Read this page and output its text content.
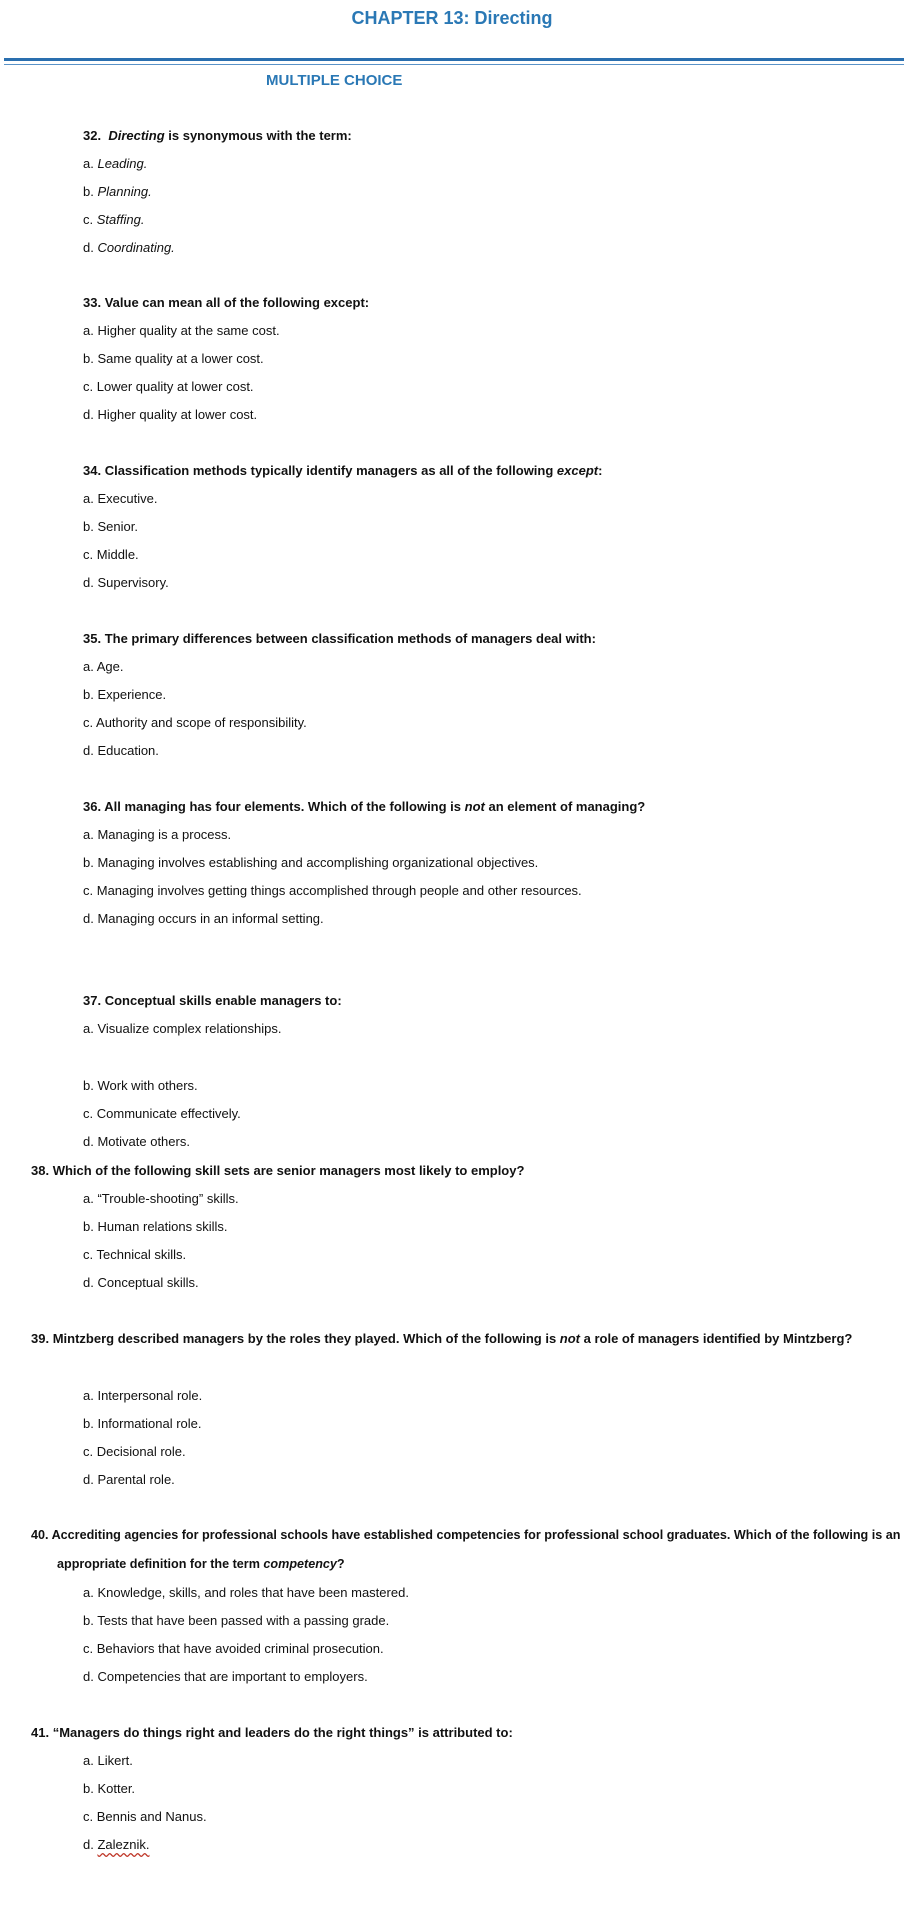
CHAPTER 13: Directing
MULTIPLE CHOICE
32. Directing is synonymous with the term:
a. Leading.
b. Planning.
c. Staffing.
d. Coordinating.
33. Value can mean all of the following except:
a. Higher quality at the same cost.
b. Same quality at a lower cost.
c. Lower quality at lower cost.
d. Higher quality at lower cost.
34. Classification methods typically identify managers as all of the following except:
a. Executive.
b. Senior.
c. Middle.
d. Supervisory.
35. The primary differences between classification methods of managers deal with:
a. Age.
b. Experience.
c. Authority and scope of responsibility.
d. Education.
36. All managing has four elements. Which of the following is not an element of managing?
a. Managing is a process.
b. Managing involves establishing and accomplishing organizational objectives.
c. Managing involves getting things accomplished through people and other resources.
d. Managing occurs in an informal setting.
37. Conceptual skills enable managers to:
a. Visualize complex relationships.
b. Work with others.
c. Communicate effectively.
d. Motivate others.
38. Which of the following skill sets are senior managers most likely to employ?
a. “Trouble-shooting” skills.
b. Human relations skills.
c. Technical skills.
d. Conceptual skills.
39. Mintzberg described managers by the roles they played. Which of the following is not a role of managers identified by Mintzberg?
a. Interpersonal role.
b. Informational role.
c. Decisional role.
d. Parental role.
40. Accrediting agencies for professional schools have established competencies for professional school graduates. Which of the following is an appropriate definition for the term competency?
a. Knowledge, skills, and roles that have been mastered.
b. Tests that have been passed with a passing grade.
c. Behaviors that have avoided criminal prosecution.
d. Competencies that are important to employers.
41. “Managers do things right and leaders do the right things” is attributed to:
a. Likert.
b. Kotter.
c. Bennis and Nanus.
d. Zaleznik.
